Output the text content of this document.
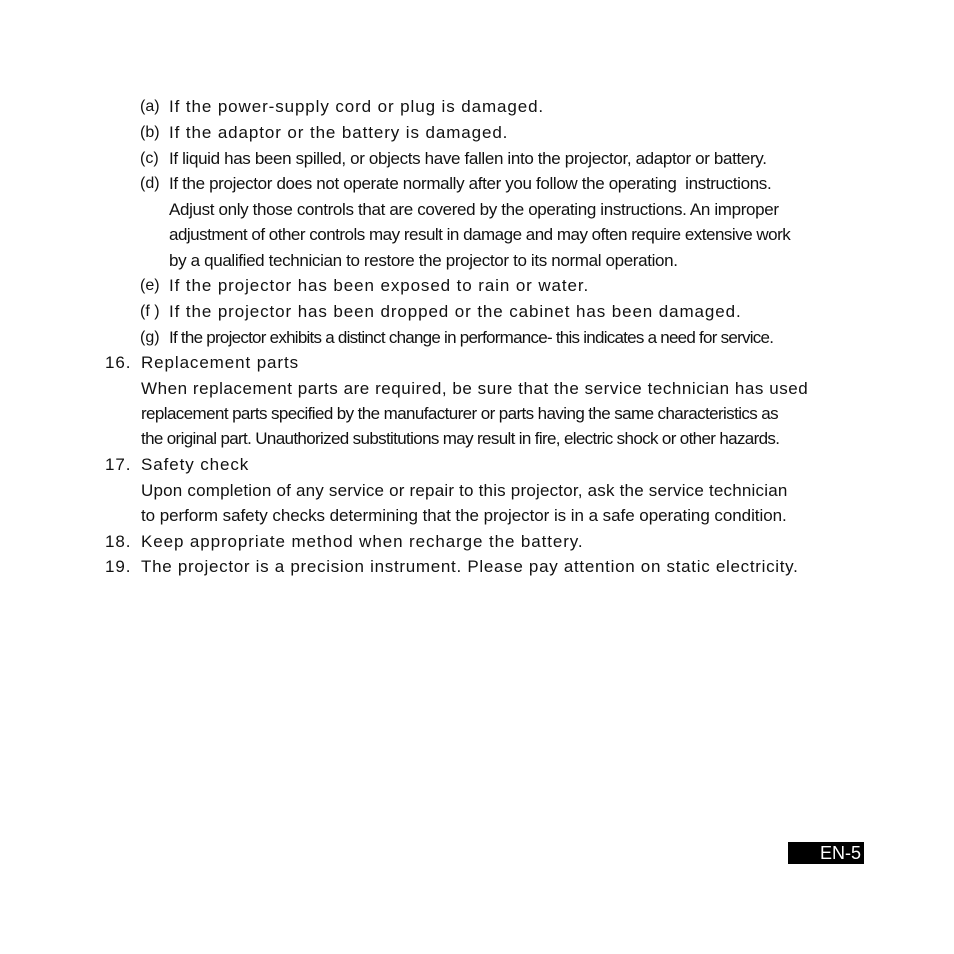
(a) If the power-supply cord or plug is damaged.
(b) If the adaptor or the battery is damaged.
(c) If liquid has been spilled, or objects have fallen into the projector, adaptor or battery.
(d) If the projector does not operate normally after you follow the operating  instructions.
Adjust only those controls that are covered by the operating instructions. An improper
adjustment of other controls may result in damage and may often require extensive work
by a qualified technician to restore the projector to its normal operation.
(e) If the projector has been exposed to rain or water.
(f ) If the projector has been dropped or the cabinet has been damaged.
(g) If the projector exhibits a distinct change in performance- this indicates a need for service.
16. Replacement parts
When replacement parts are required, be sure that the service technician has used
replacement parts specified by the manufacturer or parts having the same characteristics as
the original part. Unauthorized substitutions may result in fire, electric shock or other hazards.
17. Safety check
Upon completion of any service or repair to this projector, ask the service technician
to perform safety checks determining that the projector is in a safe operating condition.
18. Keep appropriate method when recharge the battery.
19. The projector is a precision instrument. Please pay attention on static electricity.
EN-5
